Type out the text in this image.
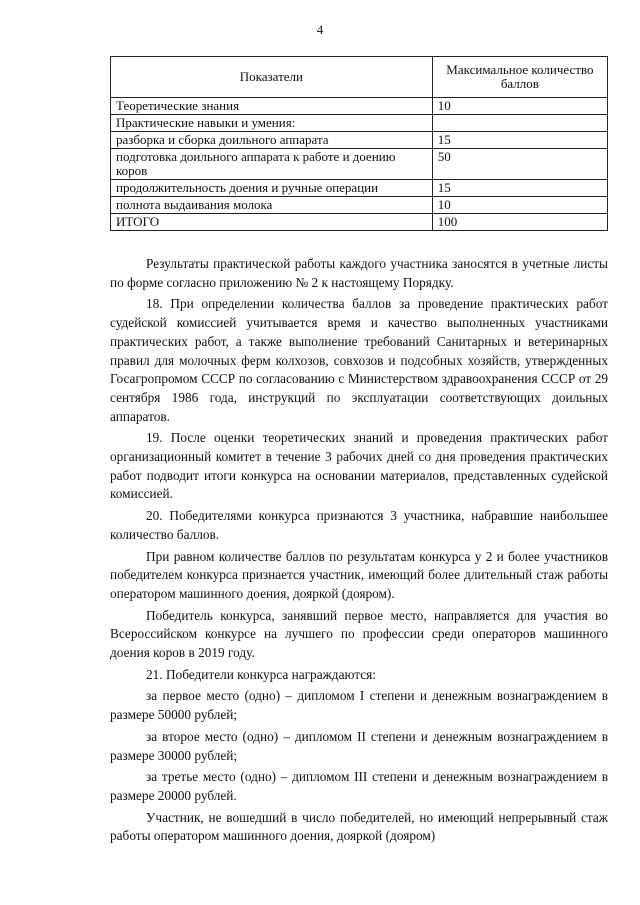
4
Показатели	Максимальное количество баллов
Теоретические знания	10
Практические навыки и умения:	
разборка и сборка доильного аппарата	15
подготовка доильного аппарата к работе и доению коров	50
продолжительность доения и ручные операции	15
полнота выдаивания молока	10
ИТОГО	100

Результаты практической работы каждого участника заносятся в учетные листы по форме согласно приложению № 2 к настоящему Порядку.

18. При определении количества баллов за проведение практических работ судейской комиссией учитывается время и качество выполненных участниками практических работ, а также выполнение требований Санитарных и ветеринарных правил для молочных ферм колхозов, совхозов и подсобных хозяйств, утвержденных Госагропромом СССР по согласованию с Министерством здравоохранения СССР от 29 сентября 1986 года, инструкций по эксплуатации соответствующих доильных аппаратов.

19. После оценки теоретических знаний и проведения практических работ организационный комитет в течение 3 рабочих дней со дня проведения практических работ подводит итоги конкурса на основании материалов, представленных судейской комиссией.

20. Победителями конкурса признаются 3 участника, набравшие наибольшее количество баллов.

При равном количестве баллов по результатам конкурса у 2 и более участников победителем конкурса признается участник, имеющий более длительный стаж работы оператором машинного доения, дояркой (дояром).

Победитель конкурса, занявший первое место, направляется для участия во Всероссийском конкурсе на лучшего по профессии среди операторов машинного доения коров в 2019 году.

21. Победители конкурса награждаются:

за первое место (одно) – дипломом I степени и денежным вознаграждением в размере 50000 рублей;

за второе место (одно) – дипломом II степени и денежным вознаграждением в размере 30000 рублей;

за третье место (одно) – дипломом III степени и денежным вознаграждением в размере 20000 рублей.

Участник, не вошедший в число победителей, но имеющий непрерывный стаж работы оператором машинного доения, дояркой (дояром)
